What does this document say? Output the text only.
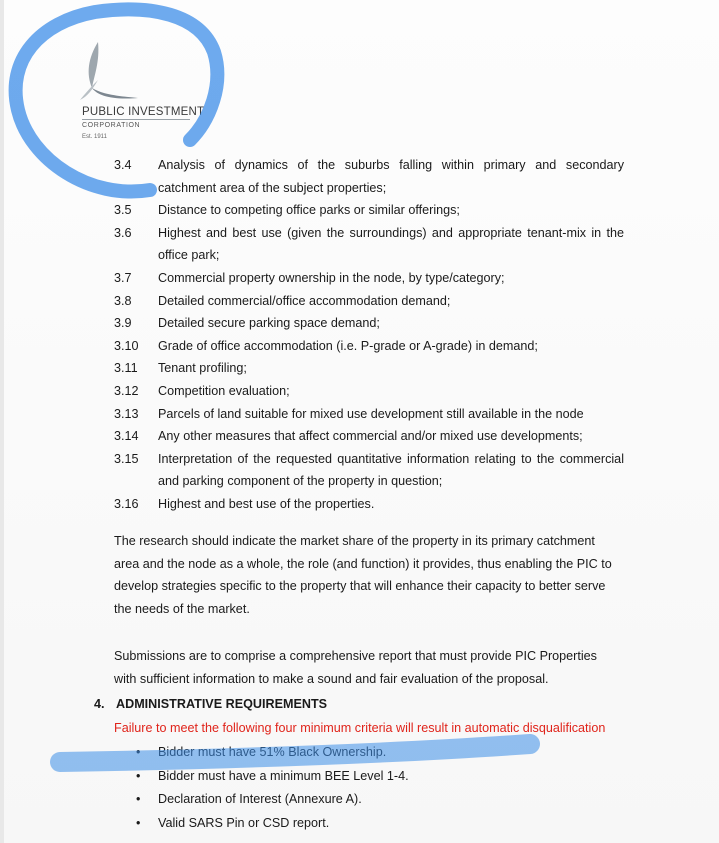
PUBLIC INVESTMENT
CORPORATION
Est. 1911
3.4 Analysis of dynamics of the suburbs falling within primary and secondary catchment area of the subject properties;
3.5 Distance to competing office parks or similar offerings;
3.6 Highest and best use (given the surroundings) and appropriate tenant-mix in the office park;
3.7 Commercial property ownership in the node, by type/category;
3.8 Detailed commercial/office accommodation demand;
3.9 Detailed secure parking space demand;
3.10 Grade of office accommodation (i.e. P-grade or A-grade) in demand;
3.11 Tenant profiling;
3.12 Competition evaluation;
3.13 Parcels of land suitable for mixed use development still available in the node
3.14 Any other measures that affect commercial and/or mixed use developments;
3.15 Interpretation of the requested quantitative information relating to the commercial and parking component of the property in question;
3.16 Highest and best use of the properties.
The research should indicate the market share of the property in its primary catchment area and the node as a whole, the role (and function) it provides, thus enabling the PIC to develop strategies specific to the property that will enhance their capacity to better serve the needs of the market.
Submissions are to comprise a comprehensive report that must provide PIC Properties with sufficient information to make a sound and fair evaluation of the proposal.
4. ADMINISTRATIVE REQUIREMENTS
Failure to meet the following four minimum criteria will result in automatic disqualification
• Bidder must have 51% Black Ownership.
• Bidder must have a minimum BEE Level 1-4.
• Declaration of Interest (Annexure A).
• Valid SARS Pin or CSD report.
